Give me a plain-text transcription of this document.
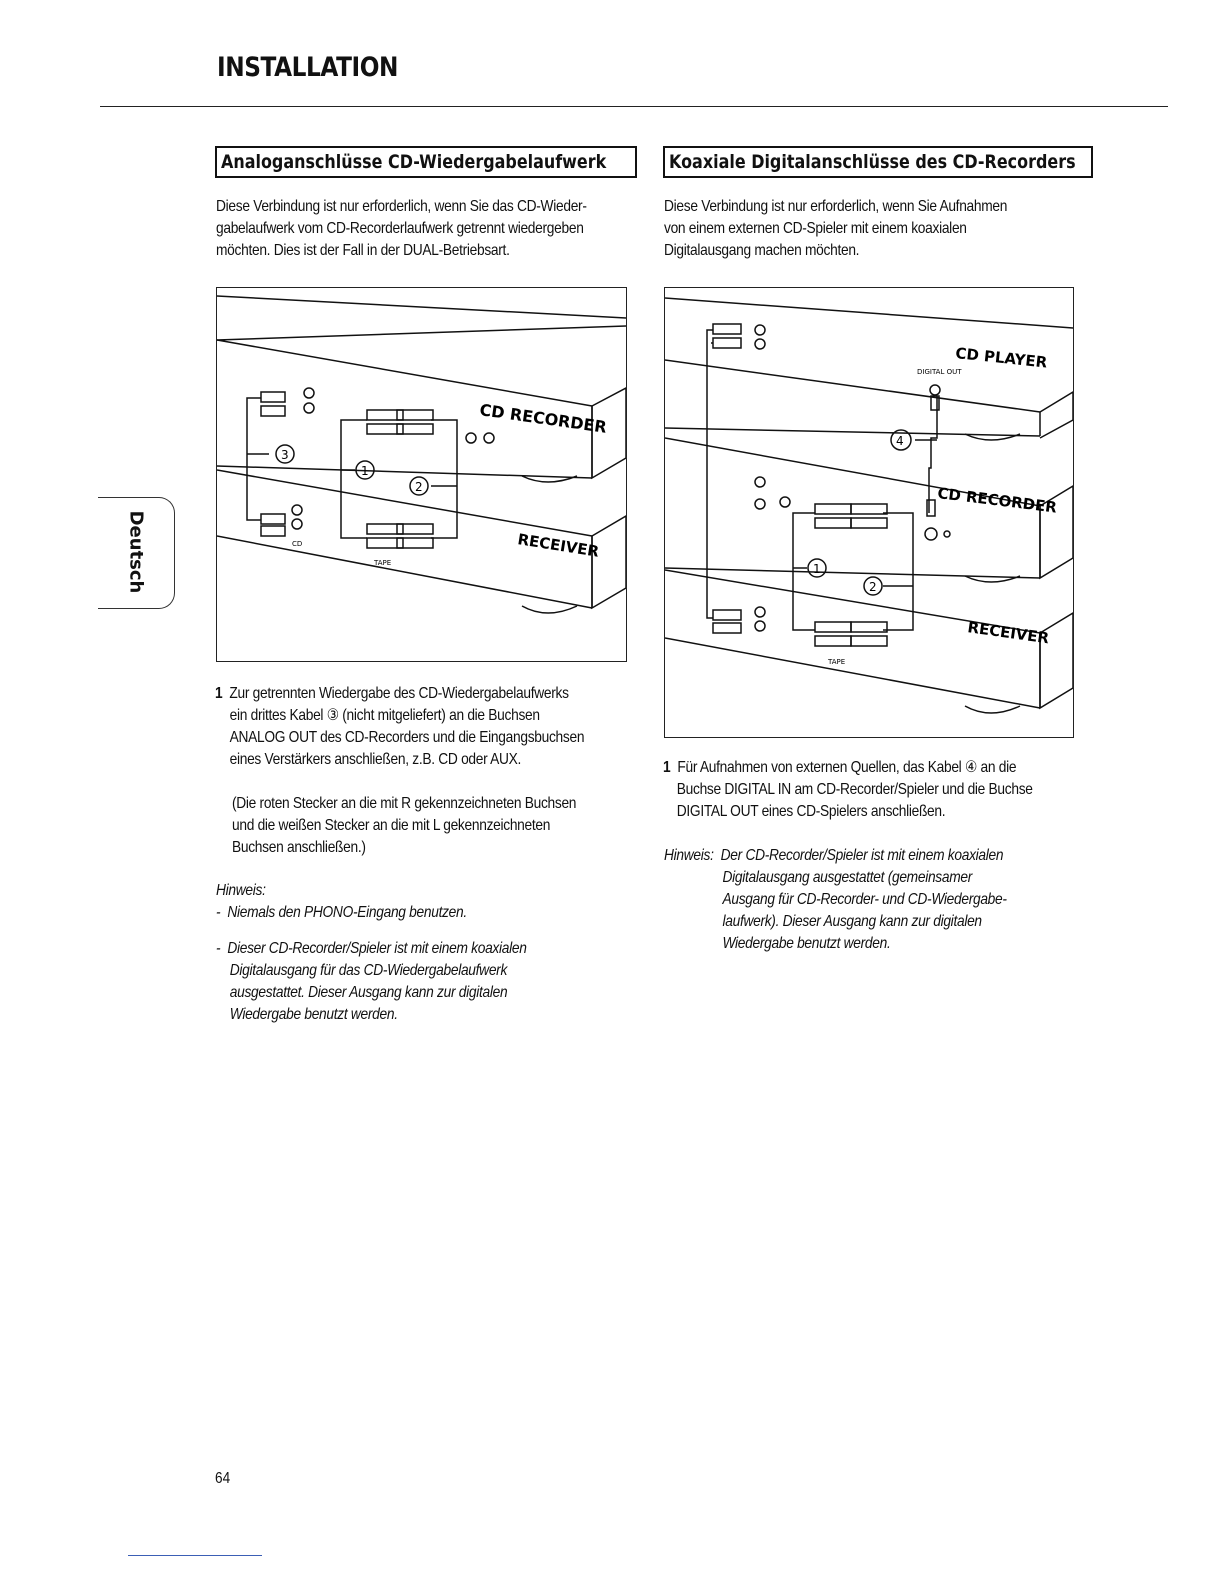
INSTALLATION
Deutsch
Analoganschlüsse CD-Wiedergabelaufwerk
Diese Verbindung ist nur erforderlich, wenn Sie das CD-Wieder-
gabelaufwerk vom CD-Recorderlaufwerk getrennt wiedergeben
möchten. Dies ist der Fall in der DUAL-Betriebsart.
CD RECORDER
RECEIVER
CD
TAPE
3
1
2
1 Zur getrennten Wiedergabe des CD-Wiedergabelaufwerks
ein drittes Kabel ③ (nicht mitgeliefert) an die Buchsen
ANALOG OUT des CD-Recorders und die Eingangsbuchsen
eines Verstärkers anschließen, z.B. CD oder AUX.
(Die roten Stecker an die mit R gekennzeichneten Buchsen
und die weißen Stecker an die mit L gekennzeichneten
Buchsen anschließen.)
Hinweis:
-  Niemals den PHONO-Eingang benutzen.

-  Dieser CD-Recorder/Spieler ist mit einem koaxialen
Digitalausgang für das CD-Wiedergabelaufwerk
ausgestattet. Dieser Ausgang kann zur digitalen
Wiedergabe benutzt werden.
Koaxiale Digitalanschlüsse des CD-Recorders
Diese Verbindung ist nur erforderlich, wenn Sie Aufnahmen
von einem externen CD-Spieler mit einem koaxialen
Digitalausgang machen möchten.
CD PLAYER
CD RECORDER
RECEIVER
DIGITAL OUT
TAPE
4
1
2
1 Für Aufnahmen von externen Quellen, das Kabel ④ an die
Buchse DIGITAL IN am CD-Recorder/Spieler und die Buchse
DIGITAL OUT eines CD-Spielers anschließen.
Hinweis: Der CD-Recorder/Spieler ist mit einem koaxialen
Digitalausgang ausgestattet (gemeinsamer
Ausgang für CD-Recorder- und CD-Wiedergabe-
laufwerk). Dieser Ausgang kann zur digitalen
Wiedergabe benutzt werden.
64
